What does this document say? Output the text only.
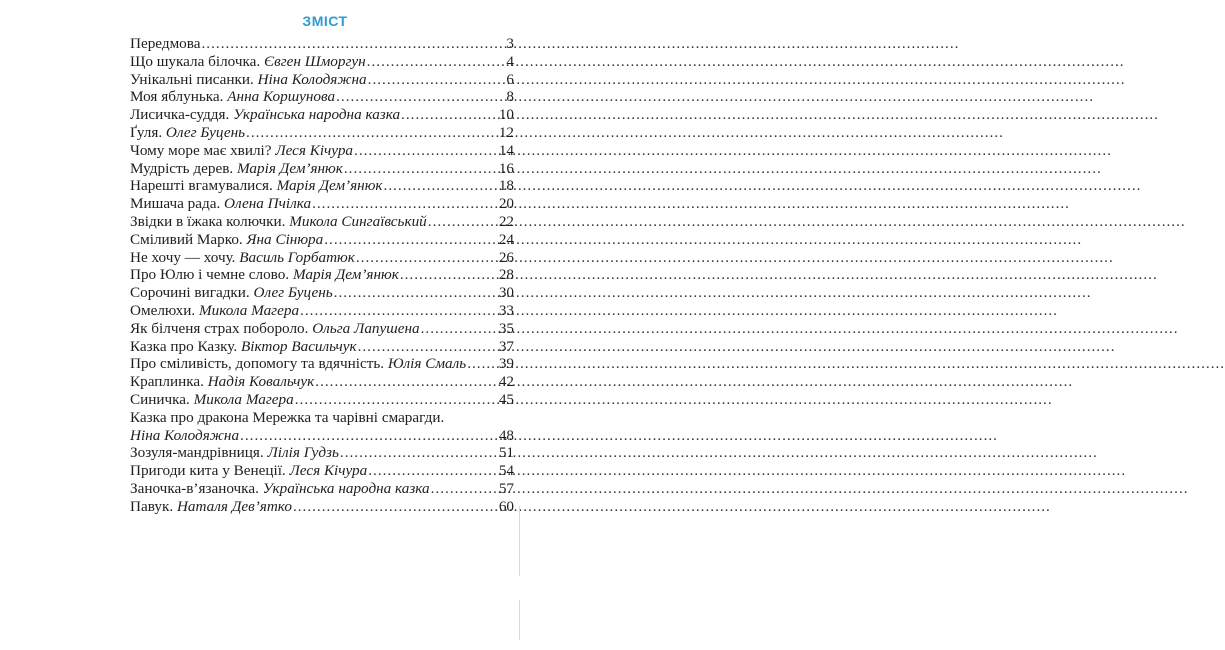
ЗМІСТ
Передмова .....	3
Що шукала білочка. Євген Шморгун .....	4
Унікальні писанки. Ніна Колодяжна .....	6
Моя яблунька. Анна Коршунова .....	8
Лисичка-суддя. Українська народна казка .....	10
Ґуля. Олег Буцень .....	12
Чому море має хвилі? Леся Кічура .....	14
Мудрість дерев. Марія Дем’янюк .....	16
Нарешті вгамувалися. Марія Дем’янюк .....	18
Мишача рада. Олена Пчілка .....	20
Звідки в їжака колючки. Микола Сингаївський .....	22
Сміливий Марко. Яна Сінюра .....	24
Не хочу — хочу. Василь Горбатюк .....	26
Про Юлю і чемне слово. Марія Дем’янюк .....	28
Сорочині вигадки. Олег Буцень .....	30
Омелюхи. Микола Магера .....	33
Як білченя страх побороло. Ольга Лапушена .....	35
Казка про Казку. Віктор Васильчук .....	37
Про сміливість, допомогу та вдячність. Юлія Смаль ..... 39
Краплинка. Надія Ковальчук .....	42
Синичка. Микола Магера .....	45
Казка про дракона Мережка та чарівні смарагди.
Ніна Колодяжна .....	48
Зозуля-мандрівниця. Лілія Гудзь .....	51
Пригоди кита у Венеції. Леся Кічура .....	54
Заночка-в’язаночка. Українська народна казка .....	57
Павук. Наталя Дев’ятко .....	60
